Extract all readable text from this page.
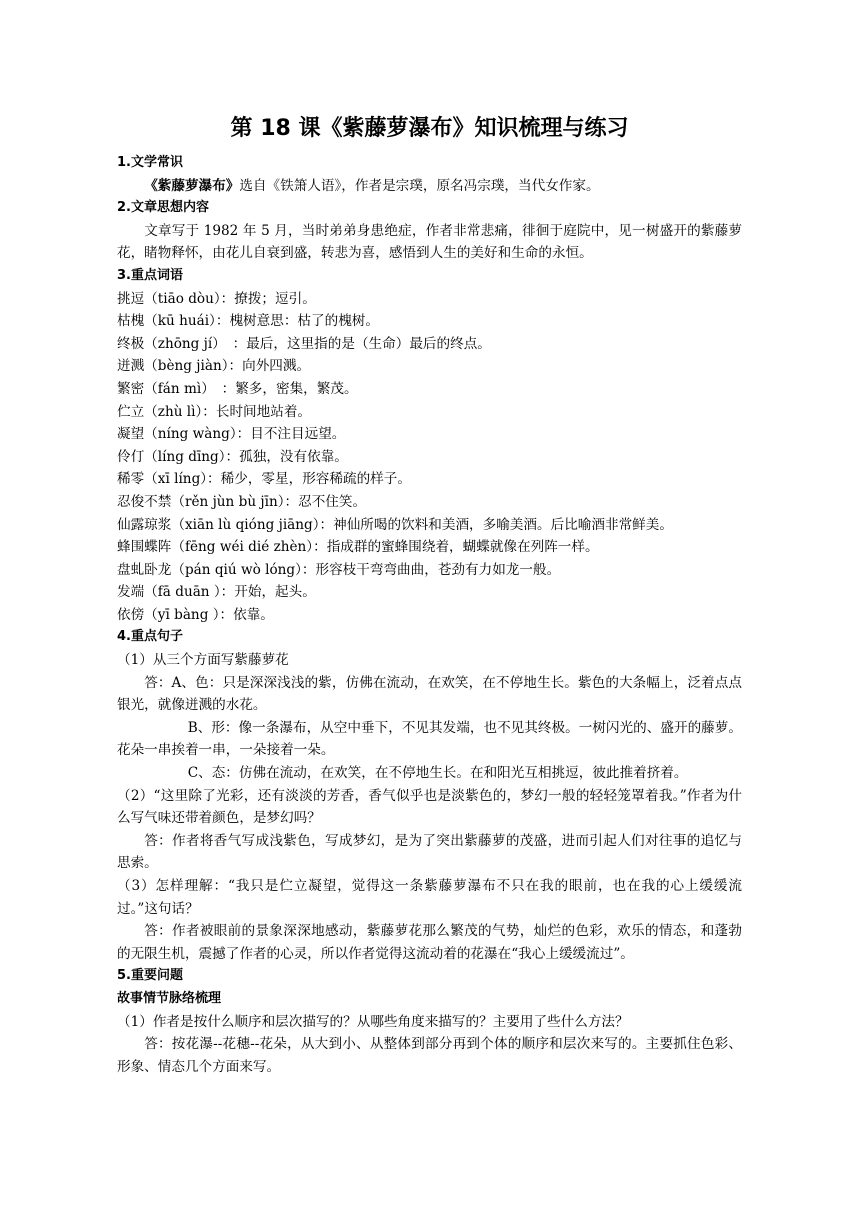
第 18 课《紫藤萝瀑布》知识梳理与练习

1.文学常识

《紫藤萝瀑布》选自《铁箫人语》，作者是宗璞，原名冯宗璞，当代女作家。

2.文章思想内容

文章写于 1982 年 5 月，当时弟弟身患绝症，作者非常悲痛，徘徊于庭院中，见一树盛开的紫藤萝花，睹物释怀，由花儿自衰到盛，转悲为喜，感悟到人生的美好和生命的永恒。

3.重点词语

挑逗（tiāo dòu）：撩拨；逗引。

枯槐（kū huái）：槐树意思：枯了的槐树。

终极（zhōng jí）　：最后，这里指的是（生命）最后的终点。

迸溅（bèng jiàn）：向外四溅。

繁密（fán mì）　：繁多，密集，繁茂。

伫立（zhù lì）：长时间地站着。

凝望（níng wàng）：目不注目远望。

伶仃（líng dīng）：孤独，没有依靠。

稀零（xī líng）：稀少，零星，形容稀疏的样子。

忍俊不禁（rěn jùn bù jīn）：忍不住笑。

仙露琼浆（xiān lù qióng jiāng）：神仙所喝的饮料和美酒，多喻美酒。后比喻酒非常鲜美。

蜂围蝶阵（fēng wéi dié zhèn）：指成群的蜜蜂围绕着，蝴蝶就像在列阵一样。

盘虬卧龙（pán qiú wò lóng）：形容枝干弯弯曲曲，苍劲有力如龙一般。

发端（fā duān ）：开始，起头。

依傍（yī bàng ）：依靠。

4.重点句子

（1）从三个方面写紫藤萝花

答：A、色：只是深深浅浅的紫，仿佛在流动，在欢笑，在不停地生长。紫色的大条幅上，泛着点点银光，就像迸溅的水花。

B、形：像一条瀑布，从空中垂下，不见其发端，也不见其终极。一树闪光的、盛开的藤萝。花朵一串挨着一串，一朵接着一朵。

C、态：仿佛在流动，在欢笑，在不停地生长。在和阳光互相挑逗，彼此推着挤着。

（2）“这里除了光彩，还有淡淡的芳香，香气似乎也是淡紫色的，梦幻一般的轻轻笼罩着我。”作者为什么写气味还带着颜色，是梦幻吗？

答：作者将香气写成浅紫色，写成梦幻，是为了突出紫藤萝的茂盛，进而引起人们对往事的追忆与思索。

（3）怎样理解：“我只是伫立凝望，觉得这一条紫藤萝瀑布不只在我的眼前，也在我的心上缓缓流过。”这句话？

答：作者被眼前的景象深深地感动，紫藤萝花那么繁茂的气势，灿烂的色彩，欢乐的情态，和蓬勃的无限生机，震撼了作者的心灵，所以作者觉得这流动着的花瀑在“我心上缓缓流过”。

5.重要问题

故事情节脉络梳理

（1）作者是按什么顺序和层次描写的？从哪些角度来描写的？主要用了些什么方法？

答：按花瀑--花穗--花朵，从大到小、从整体到部分再到个体的顺序和层次来写的。主要抓住色彩、形象、情态几个方面来写。
